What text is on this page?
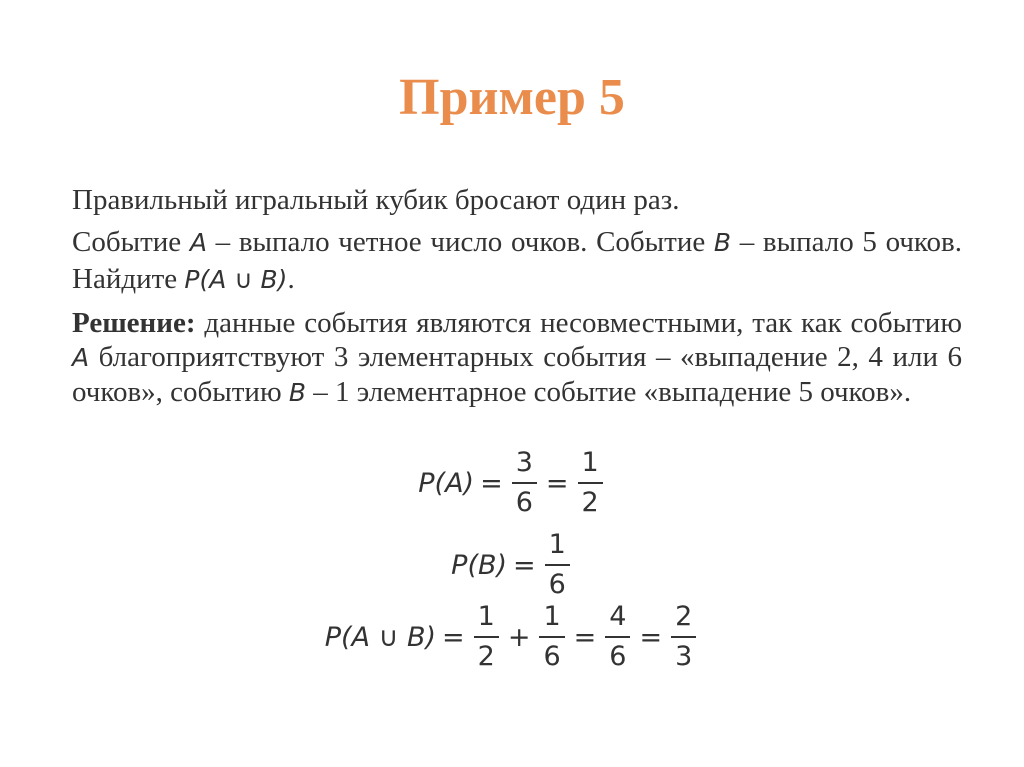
Пример 5

Правильный игральный кубик бросают один раз.

Событие A – выпало четное число очков. Событие B – выпало 5 очков. Найдите P(A ∪ B).

Решение: данные события являются несовместными, так как событию A благоприятствуют 3 элементарных события – «выпадение 2, 4 или 6 очков», событию B – 1 элементарное событие «выпадение 5 очков».

$P(A) = \frac{3}{6} = \frac{1}{2}$
$P(B) = \frac{1}{6}$
P(A ∪ $B) = \frac{1}{2} + \frac{1}{6} = \frac{4}{6} = \frac{2}{3}$
